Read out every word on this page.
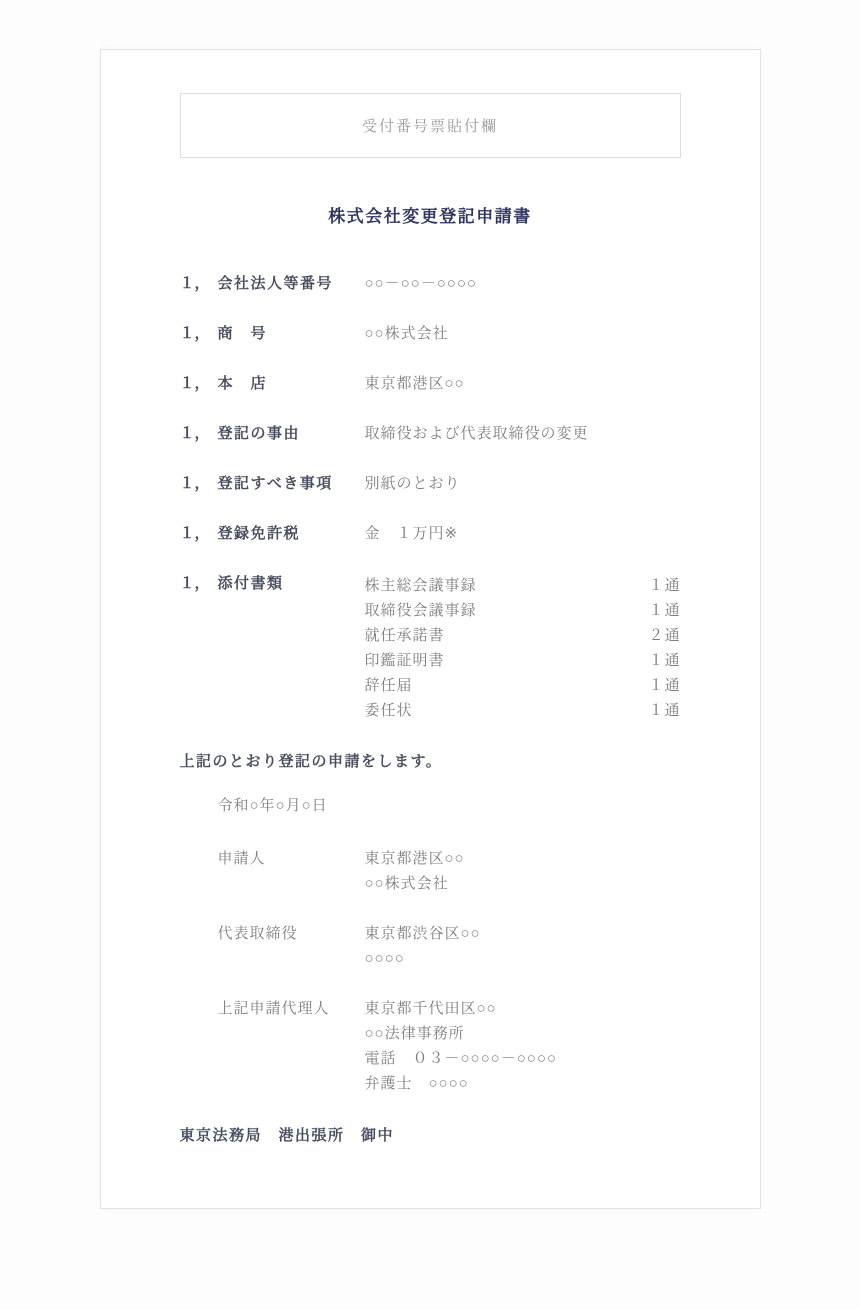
受付番号票貼付欄
株式会社変更登記申請書
１， 会社法人等番号	○○－○○－○○○○
１， 商　号	○○株式会社
１， 本　店	東京都港区○○
１， 登記の事由	取締役および代表取締役の変更
１， 登記すべき事項	別紙のとおり
１， 登録免許税	金　１万円※
１， 添付書類	株主総会議事録	１通
取締役会議事録	１通
就任承諾書	２通
印鑑証明書	１通
辞任届	１通
委任状	１通
上記のとおり登記の申請をします。
令和○年○月○日
申請人	東京都港区○○
○○株式会社
代表取締役	東京都渋谷区○○
○○○○
上記申請代理人	東京都千代田区○○
○○法律事務所
電話　０３－○○○○－○○○○
弁護士　○○○○
東京法務局　港出張所　御中
